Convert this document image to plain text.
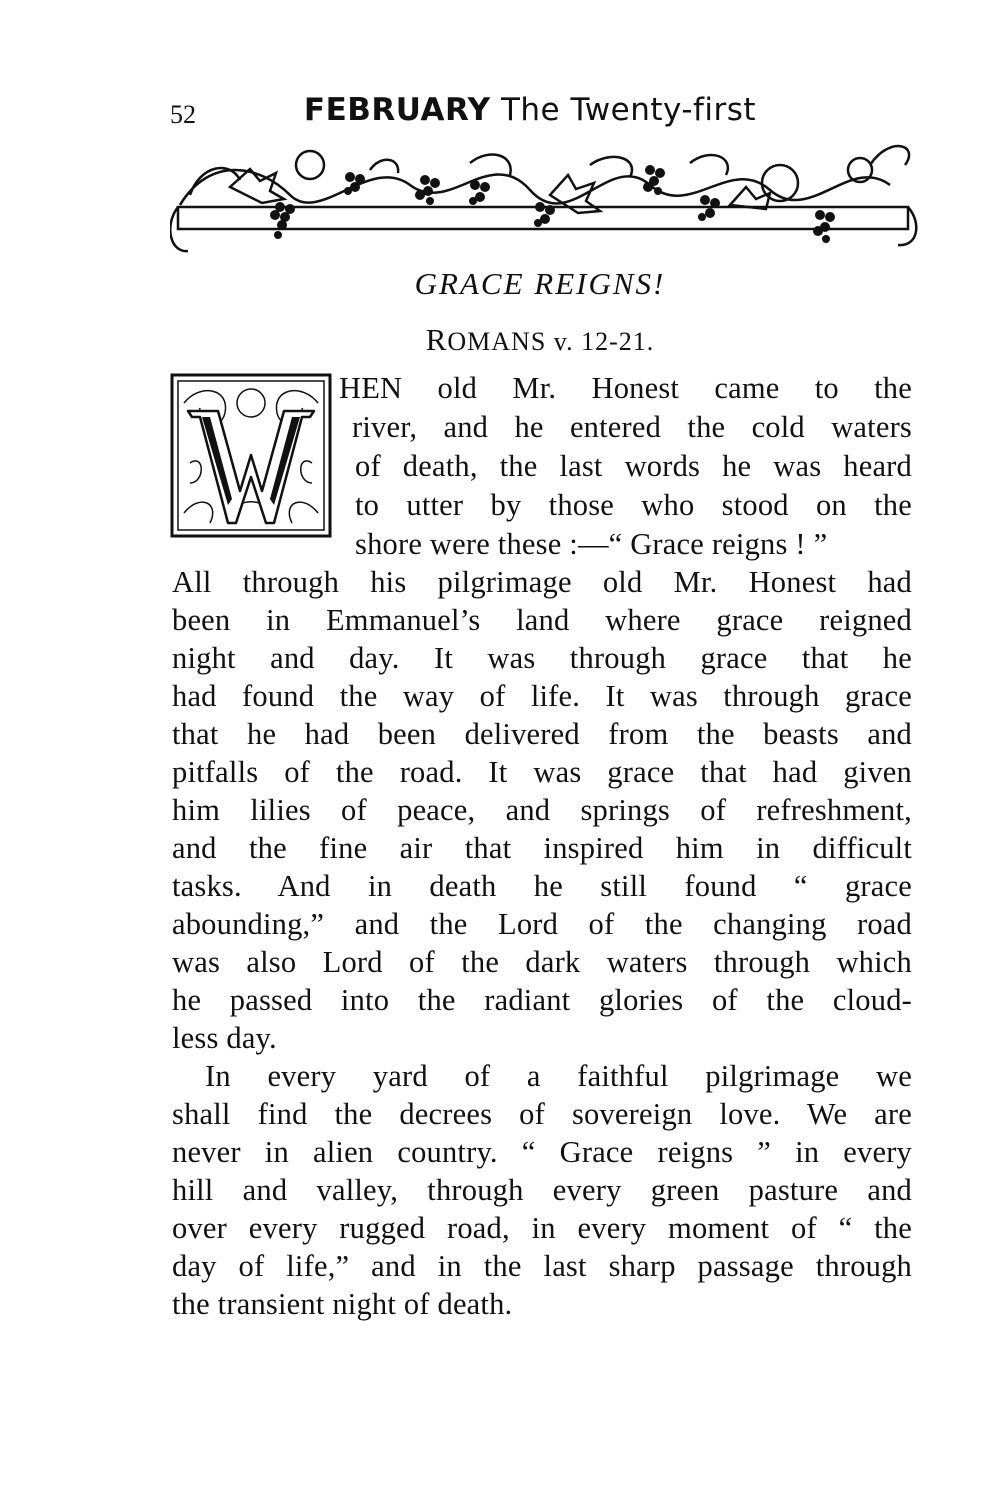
52	FEBRUARY The Twenty-first
GRACE REIGNS!
ROMANS v. 12-21.
HEN old Mr. Honest came to the
river, and he entered the cold waters
of death, the last words he was heard
to utter by those who stood on the
shore were these :—“ Grace reigns ! ”
All through his pilgrimage old Mr. Honest had
been in Emmanuel’s land where grace reigned
night and day. It was through grace that he
had found the way of life. It was through grace
that he had been delivered from the beasts and
pitfalls of the road. It was grace that had given
him lilies of peace, and springs of refreshment,
and the fine air that inspired him in difficult
tasks. And in death he still found “ grace
abounding,” and the Lord of the changing road
was also Lord of the dark waters through which
he passed into the radiant glories of the cloud-
less day.
In every yard of a faithful pilgrimage we
shall find the decrees of sovereign love. We are
never in alien country. “ Grace reigns ” in every
hill and valley, through every green pasture and
over every rugged road, in every moment of “ the
day of life,” and in the last sharp passage through
the transient night of death.
